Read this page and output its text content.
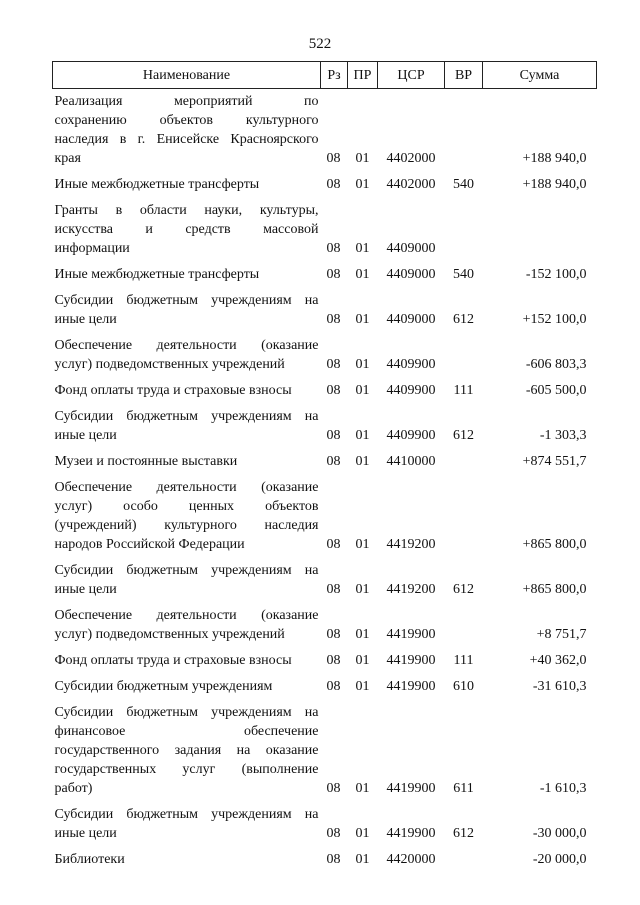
522
Наименование	Рз	ПР	ЦСР	ВР	Сумма

Реализация мероприятий по
сохранению объектов культурного
наследия в г. Енисейске Красноярского
края	08	01	4402000		+188 940,0

Иные межбюджетные трансферты	08	01	4402000	540	+188 940,0

Гранты в области науки, культуры,
искусства и средств массовой
информации	08	01	4409000		

Иные межбюджетные трансферты	08	01	4409000	540	-152 100,0

Субсидии бюджетным учреждениям на
иные цели	08	01	4409000	612	+152 100,0

Обеспечение деятельности (оказание
услуг) подведомственных учреждений	08	01	4409900		-606 803,3

Фонд оплаты труда и страховые взносы	08	01	4409900	111	-605 500,0

Субсидии бюджетным учреждениям на
иные цели	08	01	4409900	612	-1 303,3

Музеи и постоянные выставки	08	01	4410000		+874 551,7

Обеспечение деятельности (оказание
услуг) особо ценных объектов
(учреждений) культурного наследия
народов Российской Федерации	08	01	4419200		+865 800,0

Субсидии бюджетным учреждениям на
иные цели	08	01	4419200	612	+865 800,0

Обеспечение деятельности (оказание
услуг) подведомственных учреждений	08	01	4419900		+8 751,7

Фонд оплаты труда и страховые взносы	08	01	4419900	111	+40 362,0

Субсидии бюджетным учреждениям	08	01	4419900	610	-31 610,3

Субсидии бюджетным учреждениям на
финансовое обеспечение
государственного задания на оказание
государственных услуг (выполнение
работ)	08	01	4419900	611	-1 610,3

Субсидии бюджетным учреждениям на
иные цели	08	01	4419900	612	-30 000,0

Библиотеки	08	01	4420000		-20 000,0
